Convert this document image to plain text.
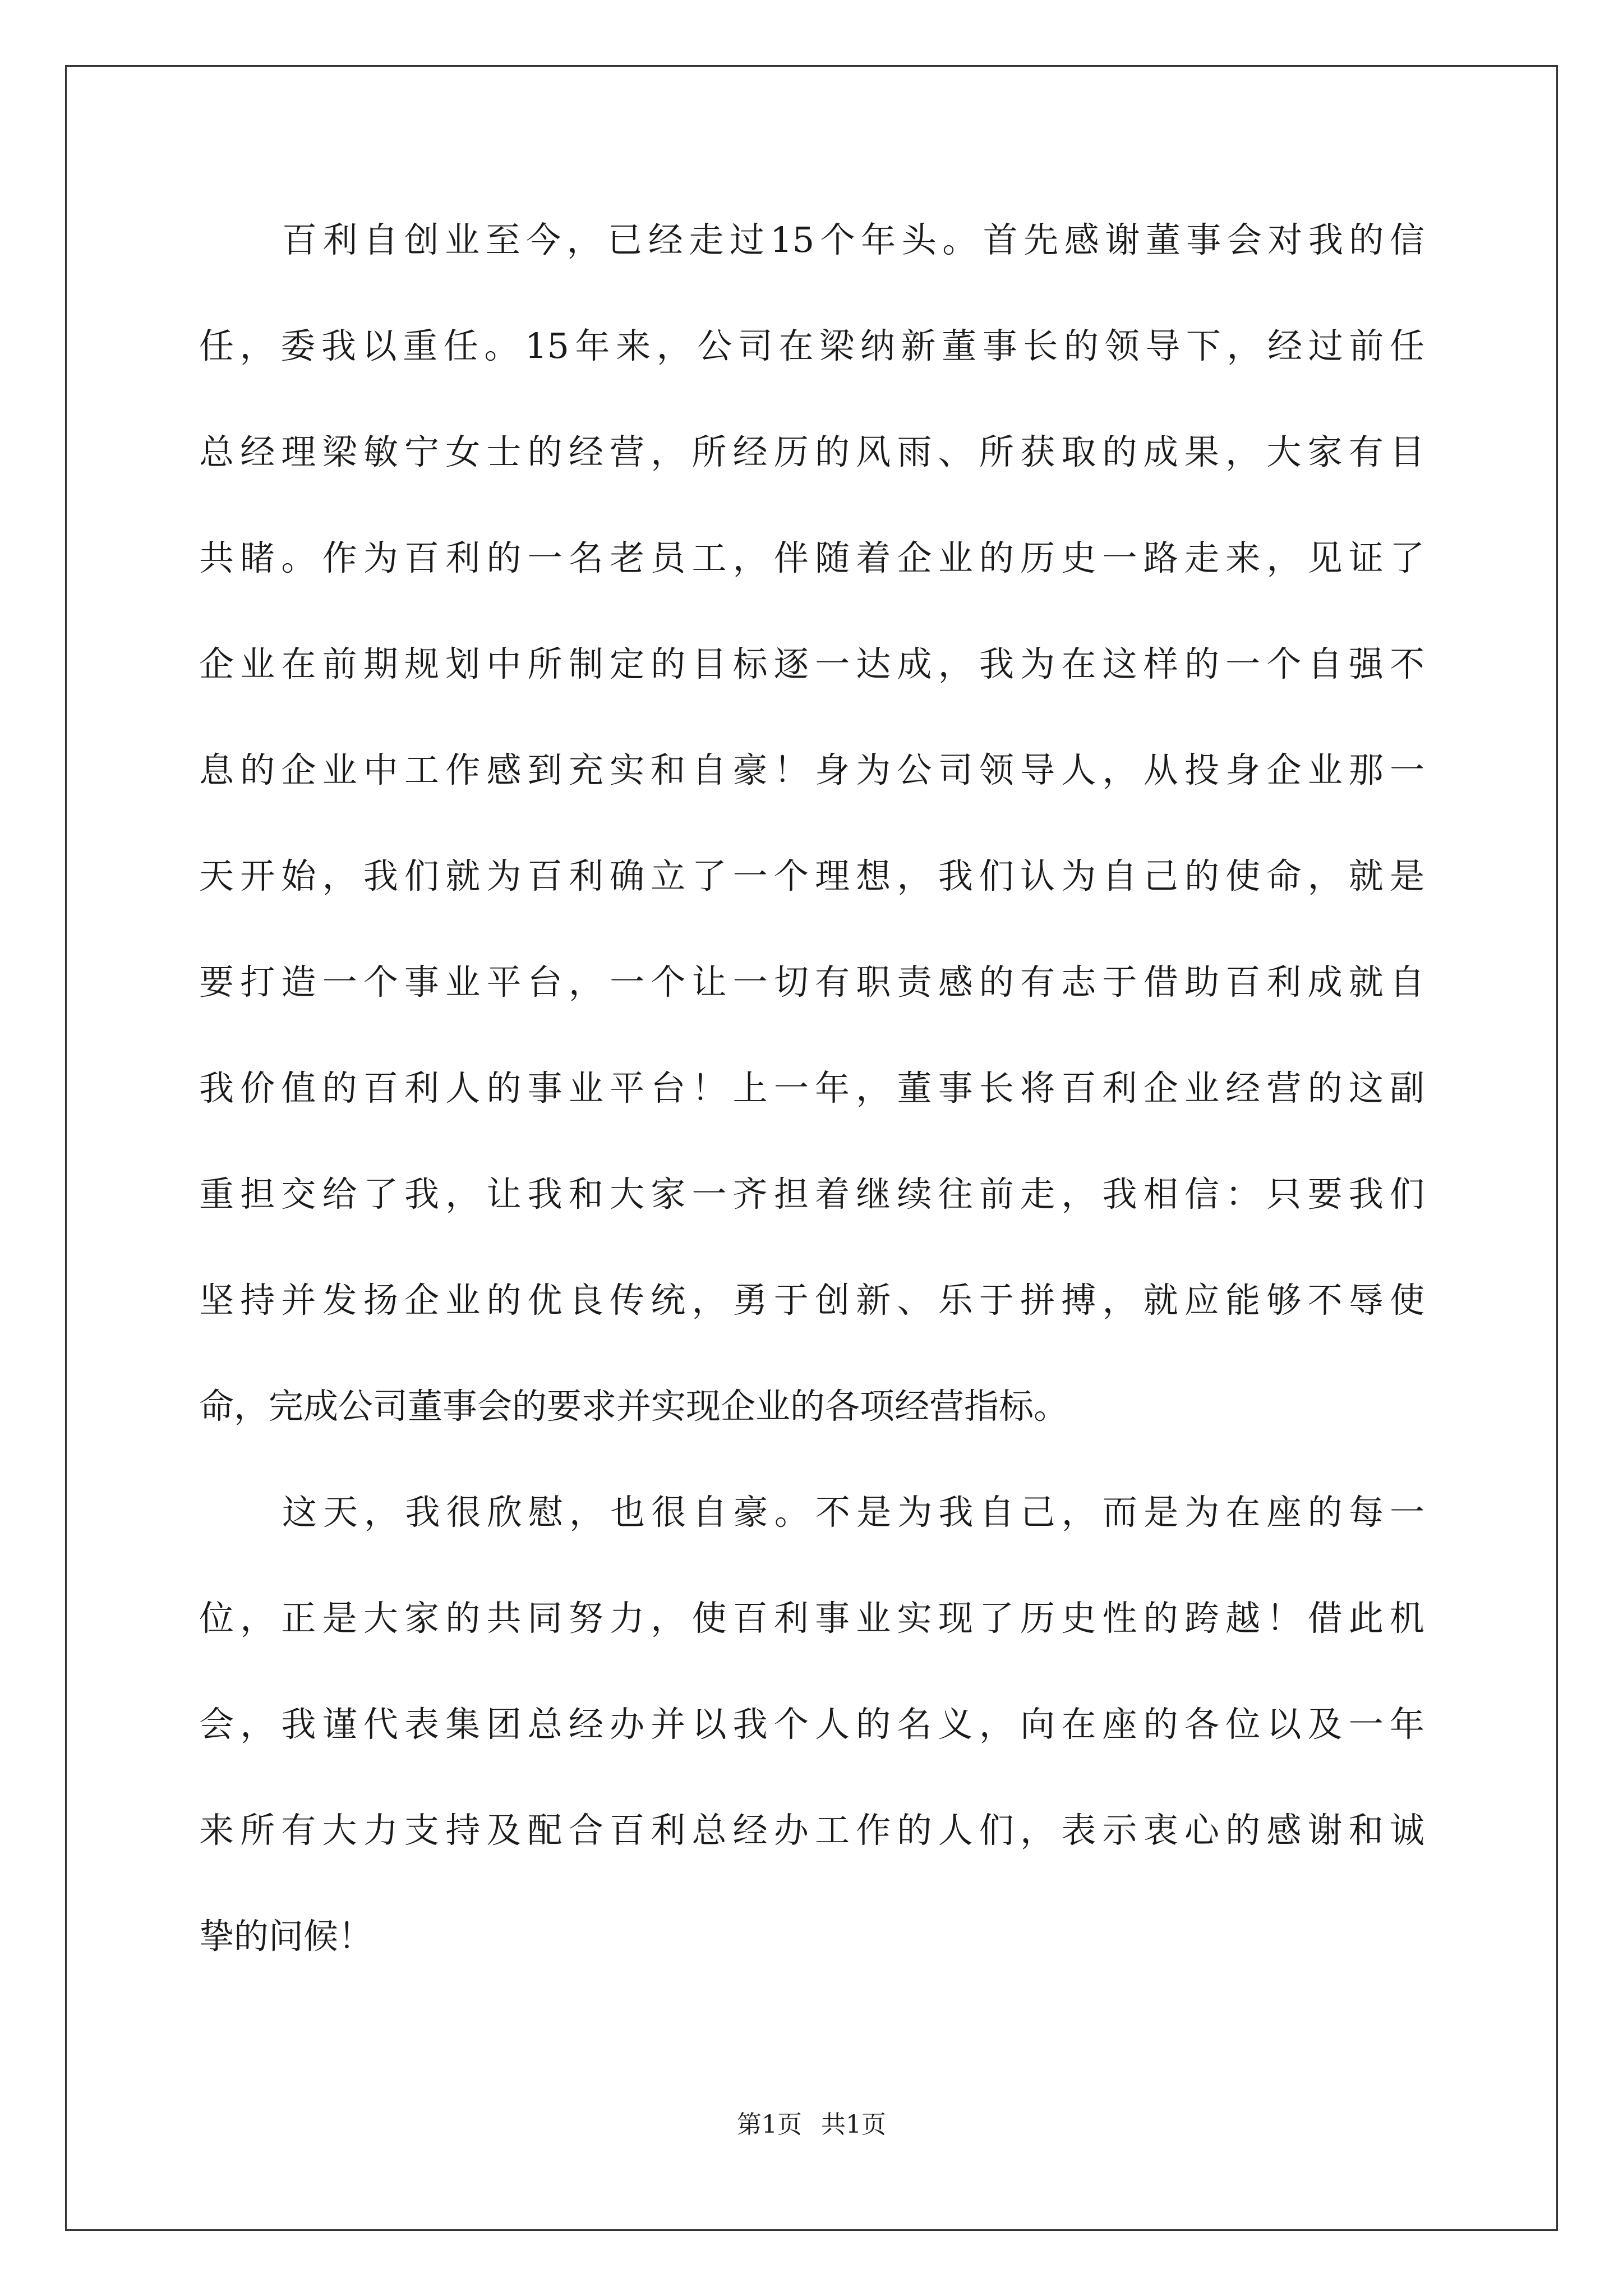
百利自创业至今，已经走过15个年头。首先感谢董事会对我的信
任，委我以重任。15年来，公司在梁纳新董事长的领导下，经过前任
总经理梁敏宁女士的经营，所经历的风雨、所获取的成果，大家有目
共睹。作为百利的一名老员工，伴随着企业的历史一路走来，见证了
企业在前期规划中所制定的目标逐一达成，我为在这样的一个自强不
息的企业中工作感到充实和自豪！身为公司领导人，从投身企业那一
天开始，我们就为百利确立了一个理想，我们认为自己的使命，就是
要打造一个事业平台，一个让一切有职责感的有志于借助百利成就自
我价值的百利人的事业平台！上一年，董事长将百利企业经营的这副
重担交给了我，让我和大家一齐担着继续往前走，我相信：只要我们
坚持并发扬企业的优良传统，勇于创新、乐于拼搏，就应能够不辱使
命，完成公司董事会的要求并实现企业的各项经营指标。
这天，我很欣慰，也很自豪。不是为我自己，而是为在座的每一
位，正是大家的共同努力，使百利事业实现了历史性的跨越！借此机
会，我谨代表集团总经办并以我个人的名义，向在座的各位以及一年
来所有大力支持及配合百利总经办工作的人们，表示衷心的感谢和诚
挚的问候！
第1页 共1页
